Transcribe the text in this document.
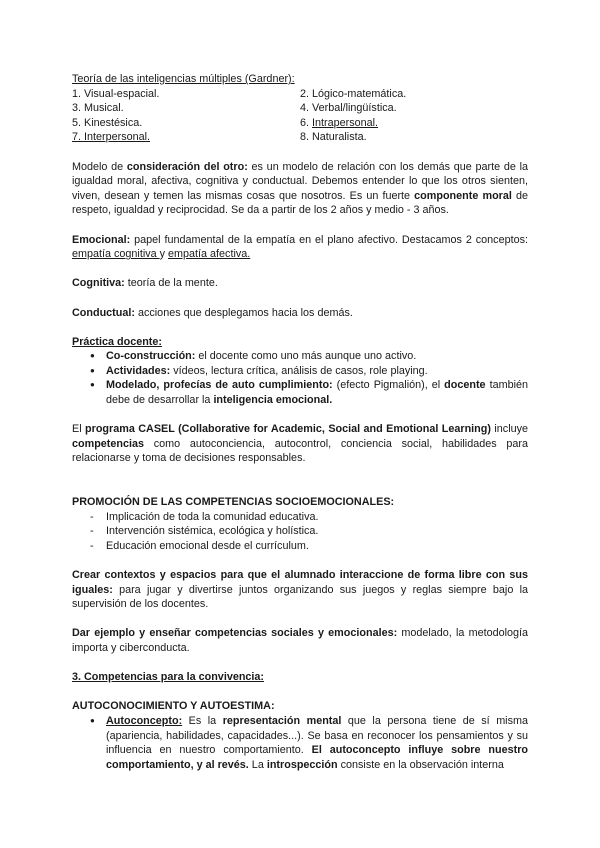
Teoría de las inteligencias múltiples (Gardner):

1. Visual-espacial.

3. Musical.

5. Kinestésica.

7. Interpersonal.

2. Lógico-matemática.

4. Verbal/lingüística.

6. Intrapersonal.

8. Naturalista.

Modelo de consideración del otro: es un modelo de relación con los demás que parte de la igualdad moral, afectiva, cognitiva y conductual. Debemos entender lo que los otros sienten, viven, desean y temen las mismas cosas que nosotros. Es un fuerte componente moral de respeto, igualdad y reciprocidad. Se da a partir de los 2 años y medio - 3 años.

Emocional: papel fundamental de la empatía en el plano afectivo. Destacamos 2 conceptos: empatía cognitiva y empatía afectiva.

Cognitiva: teoría de la mente.

Conductual: acciones que desplegamos hacia los demás.

Práctica docente:

● Co-construcción: el docente como uno más aunque uno activo.
● Actividades: vídeos, lectura crítica, análisis de casos, role playing.
● Modelado, profecías de auto cumplimiento: (efecto Pigmalión), el docente también debe de desarrollar la inteligencia emocional.

El programa CASEL (Collaborative for Academic, Social and Emotional Learning) incluye competencias como autoconciencia, autocontrol, conciencia social, habilidades para relacionarse y toma de decisiones responsables.

PROMOCIÓN DE LAS COMPETENCIAS SOCIOEMOCIONALES:

- Implicación de toda la comunidad educativa.
- Intervención sistémica, ecológica y holística.
- Educación emocional desde el currículum.

Crear contextos y espacios para que el alumnado interaccione de forma libre con sus iguales: para jugar y divertirse juntos organizando sus juegos y reglas siempre bajo la supervisión de los docentes.

Dar ejemplo y enseñar competencias sociales y emocionales: modelado, la metodología importa y ciberconducta.

3. Competencias para la convivencia:

AUTOCONOCIMIENTO Y AUTOESTIMA:

● Autoconcepto: Es la representación mental que la persona tiene de sí misma (apariencia, habilidades, capacidades...). Se basa en reconocer los pensamientos y su influencia en nuestro comportamiento. El autoconcepto influye sobre nuestro comportamiento, y al revés. La introspección consiste en la observación interna
